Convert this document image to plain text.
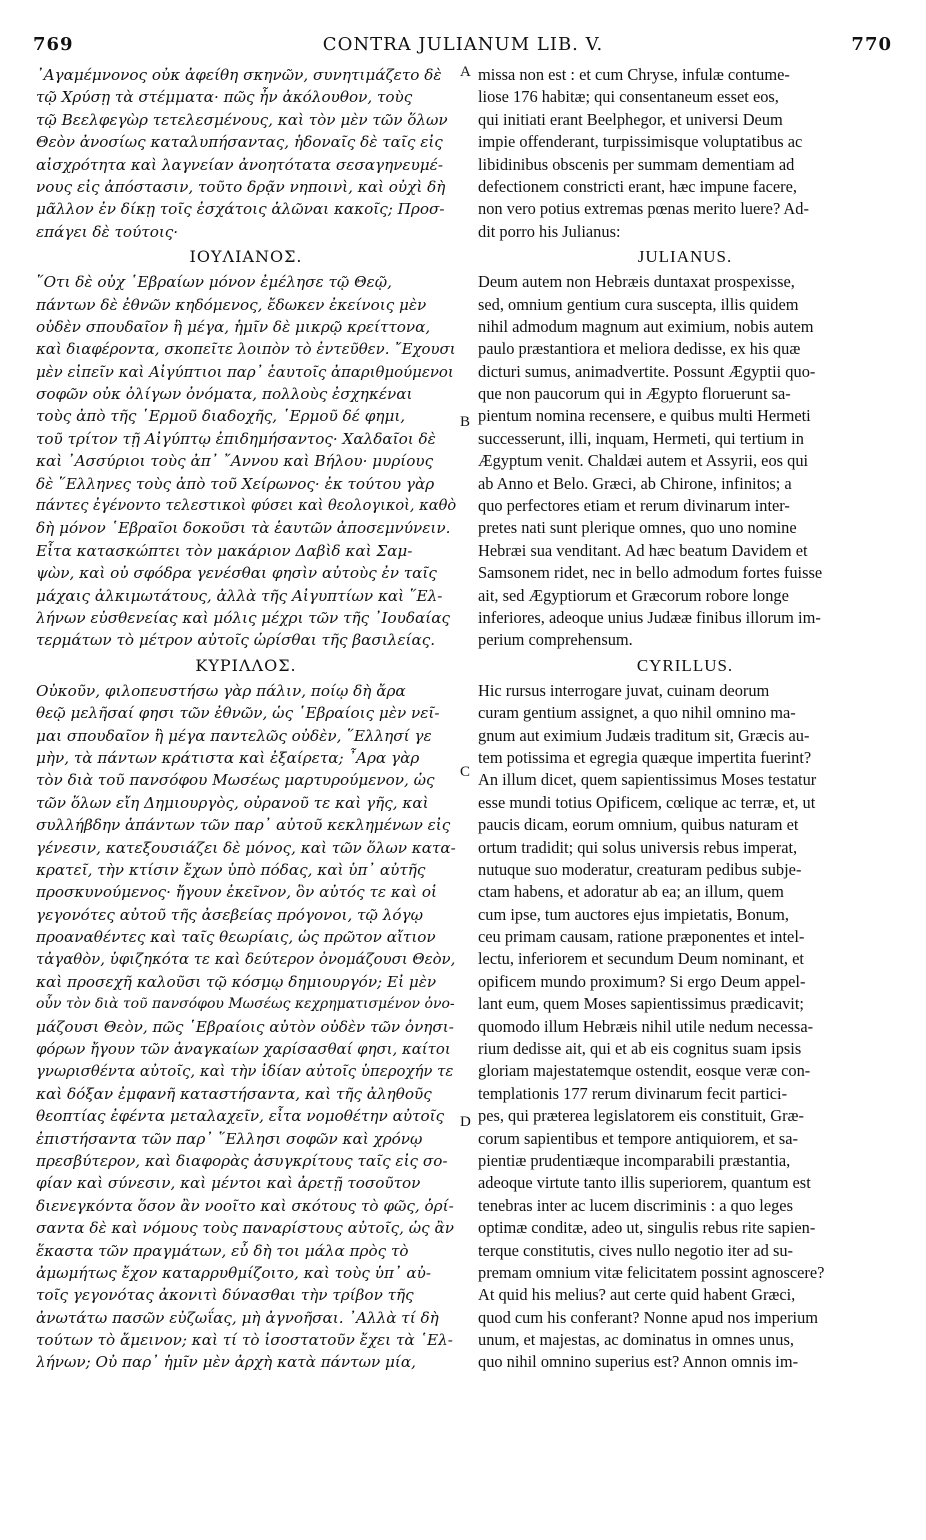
769	CONTRA JULIANUM LIB. V.	770
᾿Αγαμέμνονος οὐκ ἀφείθη σκηνῶν, συνητιμάζετο δὲ
τῷ Χρύσῃ τὰ στέμματα· πῶς ἦν ἀκόλουθον, τοὺς
τῷ Βεελφεγὼρ τετελεσμένους, καὶ τὸν μὲν τῶν ὅλων
Θεὸν ἀνοσίως καταλυπήσαντας, ἡδοναῖς δὲ ταῖς εἰς
αἰσχρότητα καὶ λαγνείαν ἀνοητότατα σεσαγηνευμέ-
νους εἰς ἀπόστασιν, τοῦτο δρᾷν νηποινὶ, καὶ οὐχὶ δὴ
μᾶλλον ἐν δίκῃ τοῖς ἐσχάτοις ἁλῶναι κακοῖς; Προσ-
επάγει δὲ τούτοις·
ΙΟΥΛΙΑΝΟΣ.
῞Οτι δὲ οὐχ ῾Εβραίων μόνον ἐμέλησε τῷ Θεῷ,
πάντων δὲ ἐθνῶν κηδόμενος, ἔδωκεν ἐκείνοις μὲν
οὐδὲν σπουδαῖον ἢ μέγα, ἡμῖν δὲ μικρῷ κρείττονα,
καὶ διαφέροντα, σκοπεῖτε λοιπὸν τὸ ἐντεῦθεν. ῎Εχουσι
μὲν εἰπεῖν καὶ Αἰγύπτιοι παρ᾿ ἑαυτοῖς ἀπαριθμούμενοι
σοφῶν οὐκ ὀλίγων ὀνόματα, πολλοὺς ἐσχηκέναι
τοὺς ἀπὸ τῆς ῾Ερμοῦ διαδοχῆς, ῾Ερμοῦ δέ φημι,
τοῦ τρίτον τῇ Αἰγύπτῳ ἐπιδημήσαντος· Χαλδαῖοι δὲ
καὶ ᾿Ασσύριοι τοὺς ἀπ᾿ ῎Αννου καὶ Βήλου· μυρίους
δὲ ῞Ελληνες τοὺς ἀπὸ τοῦ Χείρωνος· ἐκ τούτου γὰρ
πάντες ἐγένοντο τελεστικοὶ φύσει καὶ θεολογικοὶ, καθὸ
δὴ μόνον ῾Εβραῖοι δοκοῦσι τὰ ἑαυτῶν ἀποσεμνύνειν.
Εἶτα κατασκώπτει τὸν μακάριον Δαβὶδ καὶ Σαμ-
ψὼν, καὶ οὐ σφόδρα γενέσθαι φησὶν αὐτοὺς ἐν ταῖς
μάχαις ἀλκιμωτάτους, ἀλλὰ τῆς Αἰγυπτίων καὶ ῞Ελ-
λήνων εὐσθενείας καὶ μόλις μέχρι τῶν τῆς ᾿Ιουδαίας
τερμάτων τὸ μέτρον αὐτοῖς ὡρίσθαι τῆς βασιλείας.
ΚΥΡΙΛΛΟΣ.
Οὐκοῦν, φιλοπευστήσω γὰρ πάλιν, ποίῳ δὴ ἄρα
θεῷ μελῆσαί φησι τῶν ἐθνῶν, ὡς ῾Εβραίοις μὲν νεῖ-
μαι σπουδαῖον ἢ μέγα παντελῶς οὐδὲν, ῞Ελλησί γε
μὴν, τὰ πάντων κράτιστα καὶ ἐξαίρετα; ῏Αρα γὰρ
τὸν διὰ τοῦ πανσόφου Μωσέως μαρτυρούμενον, ὡς
τῶν ὅλων εἴη Δημιουργὸς, οὐρανοῦ τε καὶ γῆς, καὶ
συλλήβδην ἁπάντων τῶν παρ᾿ αὐτοῦ κεκλημένων εἰς
γένεσιν, κατεξουσιάζει δὲ μόνος, καὶ τῶν ὅλων κατα-
κρατεῖ, τὴν κτίσιν ἔχων ὑπὸ πόδας, καὶ ὑπ᾿ αὐτῆς
προσκυνούμενος· ἤγουν ἐκεῖνον, ὃν αὐτός τε καὶ οἱ
γεγονότες αὐτοῦ τῆς ἀσεβείας πρόγονοι, τῷ λόγῳ
προαναθέντες καὶ ταῖς θεωρίαις, ὡς πρῶτον αἴτιον
τἀγαθὸν, ὑφιζηκότα τε καὶ δεύτερον ὀνομάζουσι Θεὸν,
καὶ προσεχῆ καλοῦσι τῷ κόσμῳ δημιουργόν; Εἰ μὲν
οὖν τὸν διὰ τοῦ πανσόφου Μωσέως κεχρηματισμένον ὀνο-
μάζουσι Θεὸν, πῶς ῾Εβραίοις αὐτὸν οὐδὲν τῶν ὀνησι-
φόρων ἤγουν τῶν ἀναγκαίων χαρίσασθαί φησι, καίτοι
γνωρισθέντα αὐτοῖς, καὶ τὴν ἰδίαν αὐτοῖς ὑπεροχήν τε
καὶ δόξαν ἐμφανῆ καταστήσαντα, καὶ τῆς ἀληθοῦς
θεοπτίας ἐφέντα μεταλαχεῖν, εἶτα νομοθέτην αὐτοῖς
ἐπιστήσαντα τῶν παρ᾿ ῞Ελλησι σοφῶν καὶ χρόνῳ
πρεσβύτερον, καὶ διαφορὰς ἀσυγκρίτους ταῖς εἰς σο-
φίαν καὶ σύνεσιν, καὶ μέντοι καὶ ἀρετῇ τοσοῦτον
διενεγκόντα ὅσον ἂν νοοῖτο καὶ σκότους τὸ φῶς, ὁρί-
σαντα δὲ καὶ νόμους τοὺς παναρίστους αὐτοῖς, ὡς ἂν
ἕκαστα τῶν πραγμάτων, εὖ δὴ τοι μάλα πρὸς τὸ
ἀμωμήτως ἔχον καταρρυθμίζοιτο, καὶ τοὺς ὑπ᾿ αὐ-
τοῖς γεγονότας ἀκονιτὶ δύνασθαι τὴν τρίβον τῆς
ἀνωτάτω πασῶν εὐζωΐας, μὴ ἀγνοῆσαι. ᾿Αλλὰ τί δὴ
τούτων τὸ ἄμεινον; καὶ τί τὸ ἰσοστατοῦν ἔχει τὰ ῾Ελ-
λήνων; Οὐ παρ᾿ ἡμῖν μὲν ἀρχὴ κατὰ πάντων μία,
missa non est : et cum Chryse, infulæ contume-
liose 176 habitæ; qui consentaneum esset eos,
qui initiati erant Beelphegor, et universi Deum
impie offenderant, turpissimisque voluptatibus ac
libidinibus obscenis per summam dementiam ad
defectionem constricti erant, hæc impune facere,
non vero potius extremas pœnas merito luere? Ad-
dit porro his Julianus:
JULIANUS.
Deum autem non Hebræis duntaxat prospexisse,
sed, omnium gentium cura suscepta, illis quidem
nihil admodum magnum aut eximium, nobis autem
paulo præstantiora et meliora dedisse, ex his quæ
dicturi sumus, animadvertite. Possunt Ægyptii quo-
que non paucorum qui in Ægypto floruerunt sa-
pientum nomina recensere, e quibus multi Hermeti
successerunt, illi, inquam, Hermeti, qui tertium in
Ægyptum venit. Chaldæi autem et Assyrii, eos qui
ab Anno et Belo. Græci, ab Chirone, infinitos; a
quo perfectores etiam et rerum divinarum inter-
pretes nati sunt plerique omnes, quo uno nomine
Hebræi sua venditant. Ad hæc beatum Davidem et
Samsonem ridet, nec in bello admodum fortes fuisse
ait, sed Ægyptiorum et Græcorum robore longe
inferiores, adeoque unius Judææ finibus illorum im-
perium comprehensum.
CYRILLUS.
Hic rursus interrogare juvat, cuinam deorum
curam gentium assignet, a quo nihil omnino ma-
gnum aut eximium Judæis traditum sit, Græcis au-
tem potissima et egregia quæque impertita fuerint?
An illum dicet, quem sapientissimus Moses testatur
esse mundi totius Opificem, cœlique ac terræ, et, ut
paucis dicam, eorum omnium, quibus naturam et
ortum tradidit; qui solus universis rebus imperat,
nutuque suo moderatur, creaturam pedibus subje-
ctam habens, et adoratur ab ea; an illum, quem
cum ipse, tum auctores ejus impietatis, Bonum,
ceu primam causam, ratione præponentes et intel-
lectu, inferiorem et secundum Deum nominant, et
opificem mundo proximum? Si ergo Deum appel-
lant eum, quem Moses sapientissimus prædicavit;
quomodo illum Hebræis nihil utile nedum necessa-
rium dedisse ait, qui et ab eis cognitus suam ipsis
gloriam majestatemque ostendit, eosque veræ con-
templationis 177 rerum divinarum fecit partici-
pes, qui præterea legislatorem eis constituit, Græ-
corum sapientibus et tempore antiquiorem, et sa-
pientiæ prudentiæque incomparabili præstantia,
adeoque virtute tanto illis superiorem, quantum est
tenebras inter ac lucem discriminis : a quo leges
optimæ conditæ, adeo ut, singulis rebus rite sapien-
terque constitutis, cives nullo negotio iter ad su-
premam omnium vitæ felicitatem possint agnoscere?
At quid his melius? aut certe quid habent Græci,
quod cum his conferant? Nonne apud nos imperium
unum, et majestas, ac dominatus in omnes unus,
quo nihil omnino superius est? Annon omnis im-
A
B
C
D
